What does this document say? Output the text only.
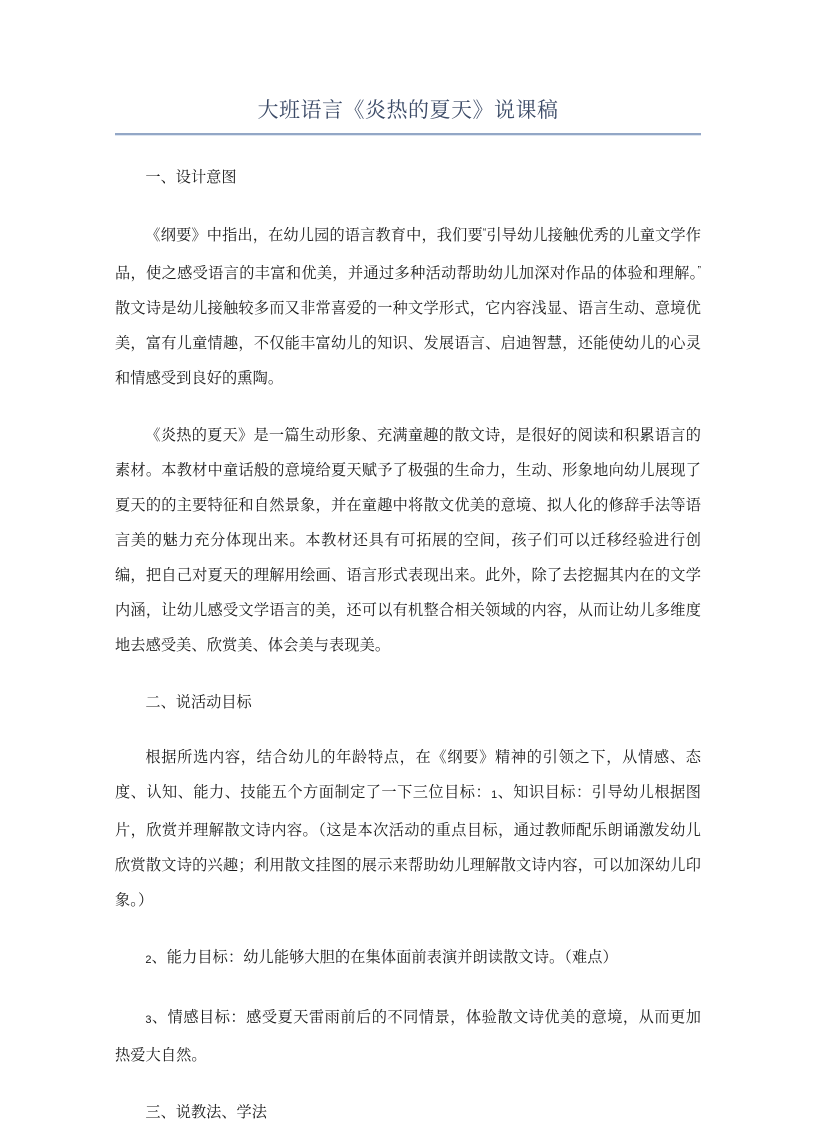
大班语言《炎热的夏天》说课稿

一、设计意图

《纲要》中指出，在幼儿园的语言教育中，我们要“引导幼儿接触优秀的儿童文学作品，使之感受语言的丰富和优美，并通过多种活动帮助幼儿加深对作品的体验和理解。”散文诗是幼儿接触较多而又非常喜爱的一种文学形式，它内容浅显、语言生动、意境优美，富有儿童情趣，不仅能丰富幼儿的知识、发展语言、启迪智慧，还能使幼儿的心灵和情感受到良好的熏陶。

《炎热的夏天》是一篇生动形象、充满童趣的散文诗，是很好的阅读和积累语言的素材。本教材中童话般的意境给夏天赋予了极强的生命力，生动、形象地向幼儿展现了夏天的的主要特征和自然景象，并在童趣中将散文优美的意境、拟人化的修辞手法等语言美的魅力充分体现出来。本教材还具有可拓展的空间，孩子们可以迁移经验进行创编，把自己对夏天的理解用绘画、语言形式表现出来。此外，除了去挖掘其内在的文学内涵，让幼儿感受文学语言的美，还可以有机整合相关领域的内容，从而让幼儿多维度地去感受美、欣赏美、体会美与表现美。

二、说活动目标

根据所选内容，结合幼儿的年龄特点，在《纲要》精神的引领之下，从情感、态度、认知、能力、技能五个方面制定了一下三位目标：1、知识目标：引导幼儿根据图片，欣赏并理解散文诗内容。（这是本次活动的重点目标，通过教师配乐朗诵激发幼儿欣赏散文诗的兴趣；利用散文挂图的展示来帮助幼儿理解散文诗内容，可以加深幼儿印象。）

2、能力目标：幼儿能够大胆的在集体面前表演并朗读散文诗。（难点）

3、情感目标：感受夏天雷雨前后的不同情景，体验散文诗优美的意境，从而更加热爱大自然。

三、说教法、学法
